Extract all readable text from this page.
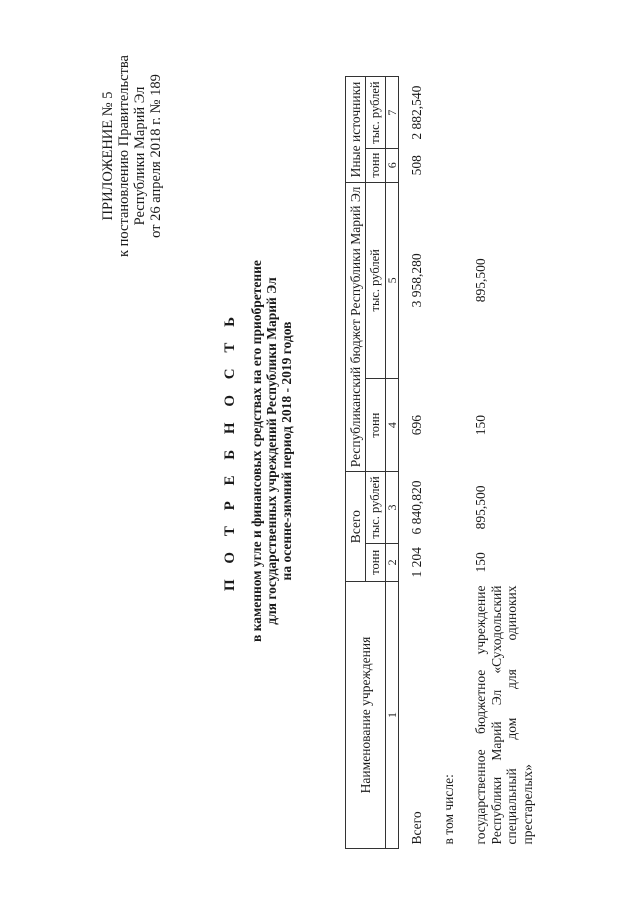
ПРИЛОЖЕНИЕ № 5 к постановлению Правительства Республики Марий Эл от 26 апреля 2018 г. № 189
П О Т Р Е Б Н О С Т Ь в каменном угле и финансовых средствах на его приобретение для государственных учреждений Республики Марий Эл на осенне-зимний период 2018 - 2019 годов
Наименование учреждения	Всего		Республиканский бюджет Республики Марий Эл		Иные источники	
	тонн	тыс. рублей	тонн	тыс. рублей	тонн	тыс. рублей
1	2	3	4	5	6	7
Всего	1 204	6 840,820	696	3 958,280	508	2 882,540
в том числе:						
государственное бюджетное учреждение Республики Марий Эл «Суходольский специальный дом для одиноких престарелых»	150	895,500	150	895,500		
